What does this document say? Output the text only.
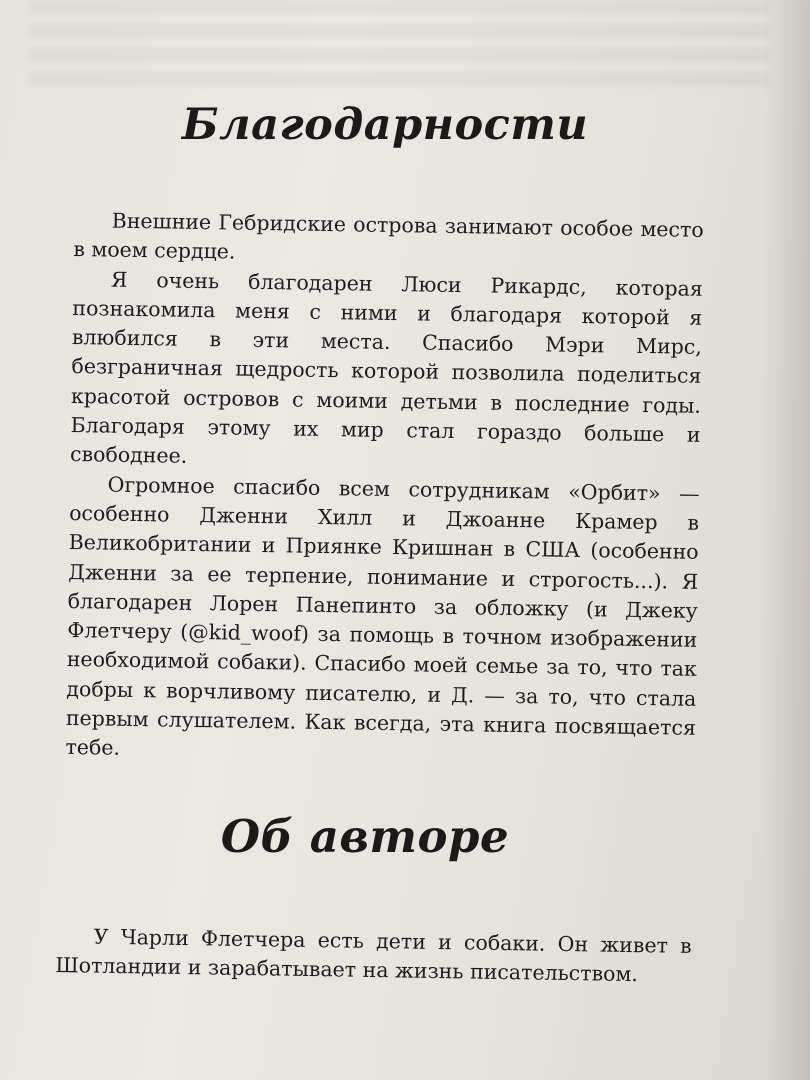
Благодарности

Внешние Гебридские острова занимают особое место в моем сердце.

Я очень благодарен Люси Рикардс, которая познакомила меня с ними и благодаря которой я влюбился в эти места. Спасибо Мэри Мирс, безграничная щедрость которой позволила поделиться красотой островов с моими детьми в последние годы. Благодаря этому их мир стал гораздо больше и свободнее.

Огромное спасибо всем сотрудникам «Орбит» — особенно Дженни Хилл и Джоанне Крамер в Великобритании и Приянке Кришнан в США (особенно Дженни за ее терпение, понимание и строгость...). Я благодарен Лорен Панепинто за обложку (и Джеку Флетчеру (@kid_woof) за помощь в точном изображении необходимой собаки). Спасибо моей семье за то, что так добры к ворчливому писателю, и Д. — за то, что стала первым слушателем. Как всегда, эта книга посвящается тебе.

Об авторе

У Чарли Флетчера есть дети и собаки. Он живет в Шотландии и зарабатывает на жизнь писательством.
